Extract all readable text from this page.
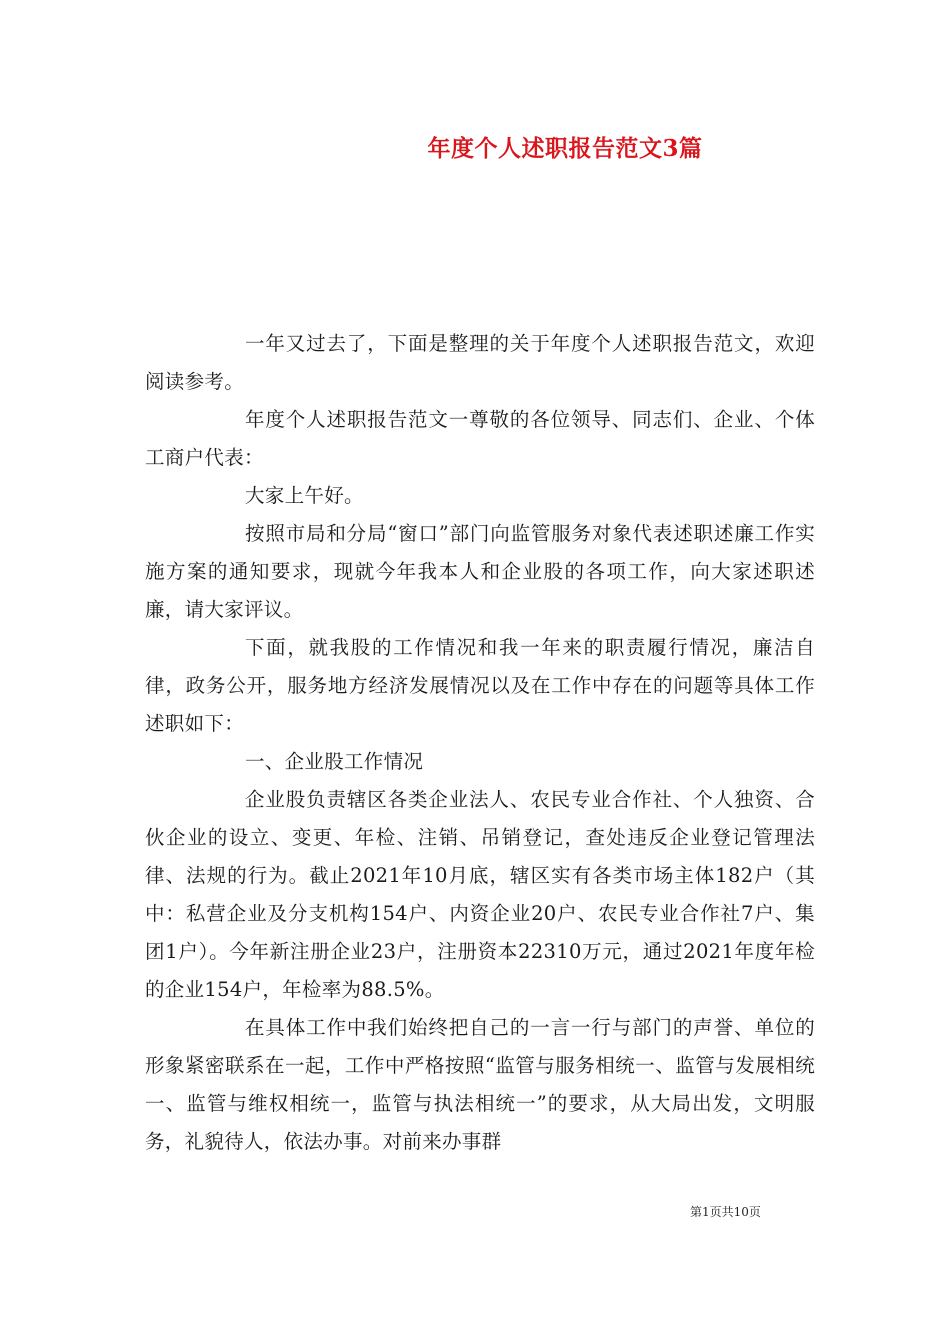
年度个人述职报告范文3篇

一年又过去了，下面是整理的关于年度个人述职报告范文，欢迎阅读参考。

年度个人述职报告范文一尊敬的各位领导、同志们、企业、个体工商户代表：

大家上午好。

按照市局和分局“窗口”部门向监管服务对象代表述职述廉工作实施方案的通知要求，现就今年我本人和企业股的各项工作，向大家述职述廉，请大家评议。

下面，就我股的工作情况和我一年来的职责履行情况，廉洁自律，政务公开，服务地方经济发展情况以及在工作中存在的问题等具体工作述职如下：

一、企业股工作情况

企业股负责辖区各类企业法人、农民专业合作社、个人独资、合伙企业的设立、变更、年检、注销、吊销登记，查处违反企业登记管理法律、法规的行为。截止2021年10月底，辖区实有各类市场主体182户（其中：私营企业及分支机构154户、内资企业20户、农民专业合作社7户、集团1户）。今年新注册企业23户，注册资本22310万元，通过2021年度年检的企业154户，年检率为88.5%。

在具体工作中我们始终把自己的一言一行与部门的声誉、单位的形象紧密联系在一起，工作中严格按照“监管与服务相统一、监管与发展相统一、监管与维权相统一，监管与执法相统一”的要求，从大局出发，文明服务，礼貌待人，依法办事。对前来办事群

第1页共10页
